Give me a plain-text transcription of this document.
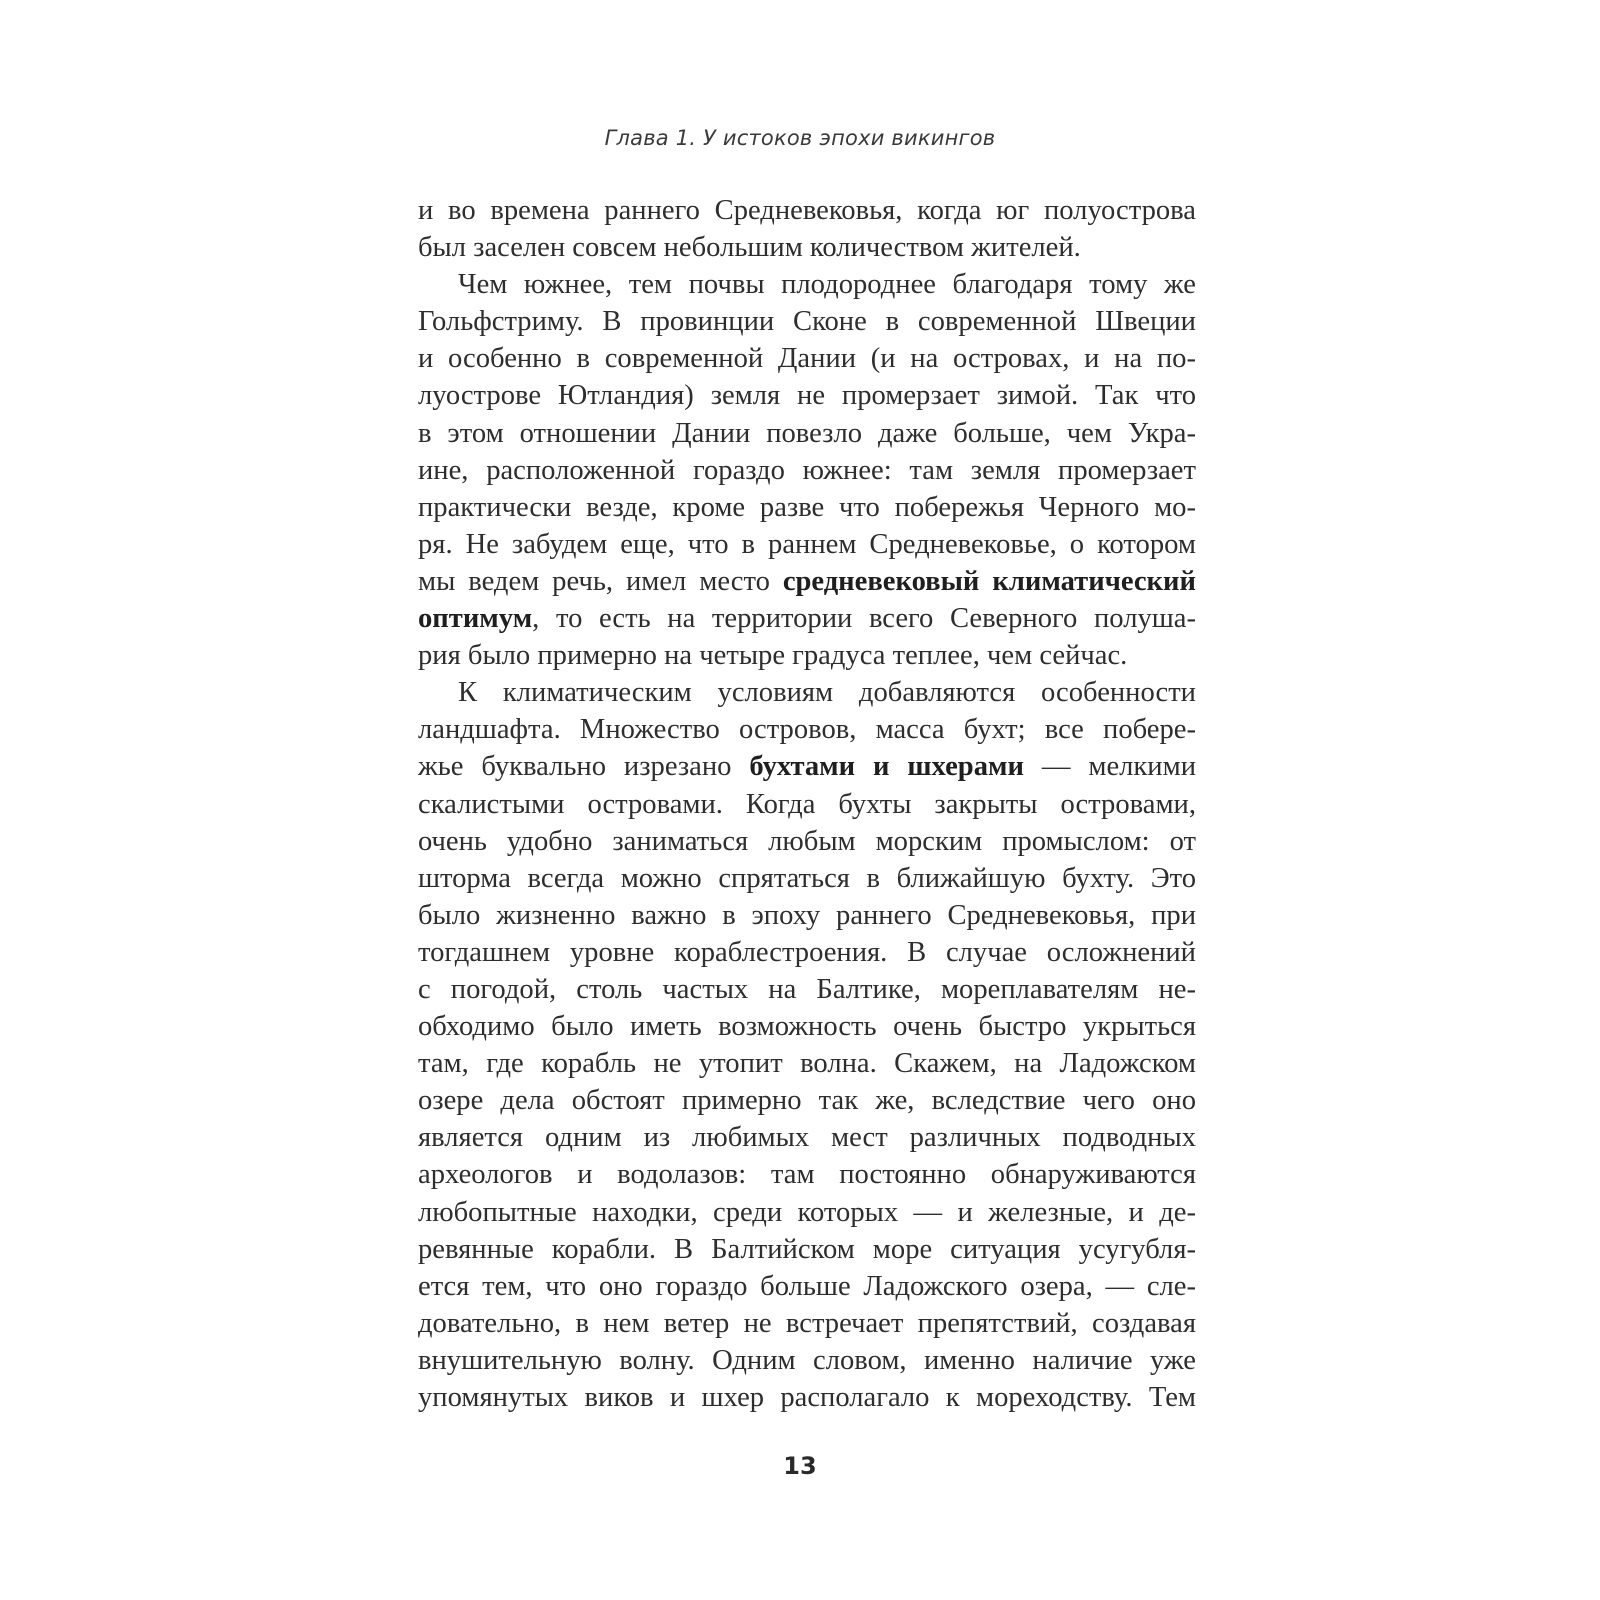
Глава 1. У истоков эпохи викингов
и во времена раннего Средневековья, когда юг полуострова
был заселен совсем небольшим количеством жителей.
Чем южнее, тем почвы плодороднее благодаря тому же
Гольфстриму. В провинции Сконе в современной Швеции
и особенно в современной Дании (и на островах, и на по-
луострове Ютландия) земля не промерзает зимой. Так что
в этом отношении Дании повезло даже больше, чем Укра-
ине, расположенной гораздо южнее: там земля промерзает
практически везде, кроме разве что побережья Черного мо-
ря. Не забудем еще, что в раннем Средневековье, о котором
мы ведем речь, имел место средневековый климатический
оптимум, то есть на территории всего Северного полуша-
рия было примерно на четыре градуса теплее, чем сейчас.
К климатическим условиям добавляются особенности
ландшафта. Множество островов, масса бухт; все побере-
жье буквально изрезано бухтами и шхерами — мелкими
скалистыми островами. Когда бухты закрыты островами,
очень удобно заниматься любым морским промыслом: от
шторма всегда можно спрятаться в ближайшую бухту. Это
было жизненно важно в эпоху раннего Средневековья, при
тогдашнем уровне кораблестроения. В случае осложнений
с погодой, столь частых на Балтике, мореплавателям не-
обходимо было иметь возможность очень быстро укрыться
там, где корабль не утопит волна. Скажем, на Ладожском
озере дела обстоят примерно так же, вследствие чего оно
является одним из любимых мест различных подводных
археологов и водолазов: там постоянно обнаруживаются
любопытные находки, среди которых — и железные, и де-
ревянные корабли. В Балтийском море ситуация усугубля-
ется тем, что оно гораздо больше Ладожского озера, — сле-
довательно, в нем ветер не встречает препятствий, создавая
внушительную волну. Одним словом, именно наличие уже
упомянутых виков и шхер располагало к мореходству. Тем
13
